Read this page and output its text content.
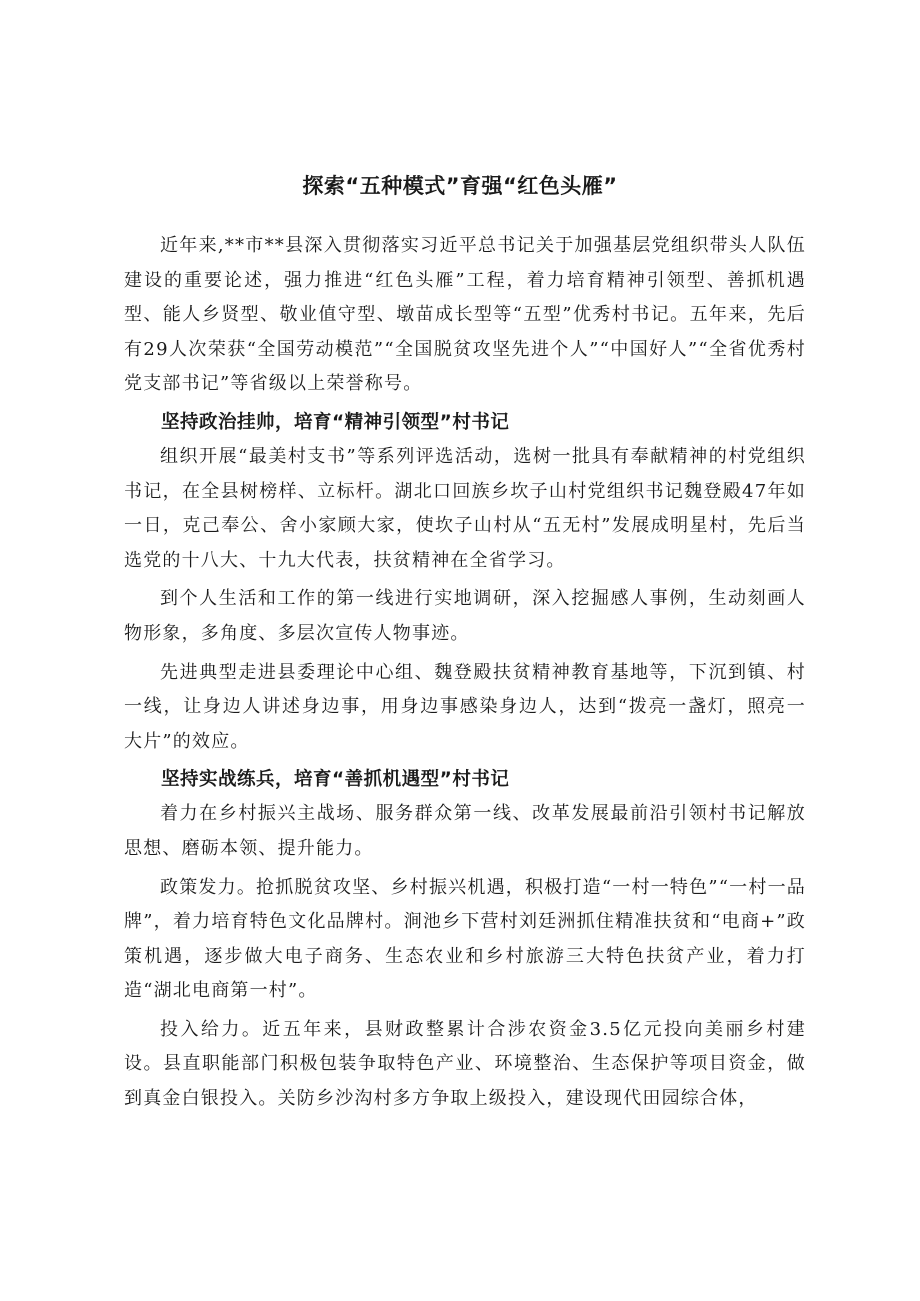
探索“五种模式”育强“红色头雁”

近年来,**市**县深入贯彻落实习近平总书记关于加强基层党组织带头人队伍建设的重要论述，强力推进“红色头雁”工程，着力培育精神引领型、善抓机遇型、能人乡贤型、敬业值守型、墩苗成长型等“五型”优秀村书记。五年来，先后有29人次荣获“全国劳动模范”“全国脱贫攻坚先进个人”“中国好人”“全省优秀村党支部书记”等省级以上荣誉称号。

坚持政治挂帅，培育“精神引领型”村书记

组织开展“最美村支书”等系列评选活动，选树一批具有奉献精神的村党组织书记，在全县树榜样、立标杆。湖北口回族乡坎子山村党组织书记魏登殿47年如一日，克己奉公、舍小家顾大家，使坎子山村从“五无村”发展成明星村，先后当选党的十八大、十九大代表，扶贫精神在全省学习。

到个人生活和工作的第一线进行实地调研，深入挖掘感人事例，生动刻画人物形象，多角度、多层次宣传人物事迹。

先进典型走进县委理论中心组、魏登殿扶贫精神教育基地等，下沉到镇、村一线，让身边人讲述身边事，用身边事感染身边人，达到“拨亮一盏灯，照亮一大片”的效应。

坚持实战练兵，培育“善抓机遇型”村书记

着力在乡村振兴主战场、服务群众第一线、改革发展最前沿引领村书记解放思想、磨砺本领、提升能力。

政策发力。抢抓脱贫攻坚、乡村振兴机遇，积极打造“一村一特色”“一村一品牌”，着力培育特色文化品牌村。涧池乡下营村刘廷洲抓住精准扶贫和“电商+”政策机遇，逐步做大电子商务、生态农业和乡村旅游三大特色扶贫产业，着力打造“湖北电商第一村”。

投入给力。近五年来，县财政整累计合涉农资金3.5亿元投向美丽乡村建设。县直职能部门积极包装争取特色产业、环境整治、生态保护等项目资金，做到真金白银投入。关防乡沙沟村多方争取上级投入，建设现代田园综合体，
